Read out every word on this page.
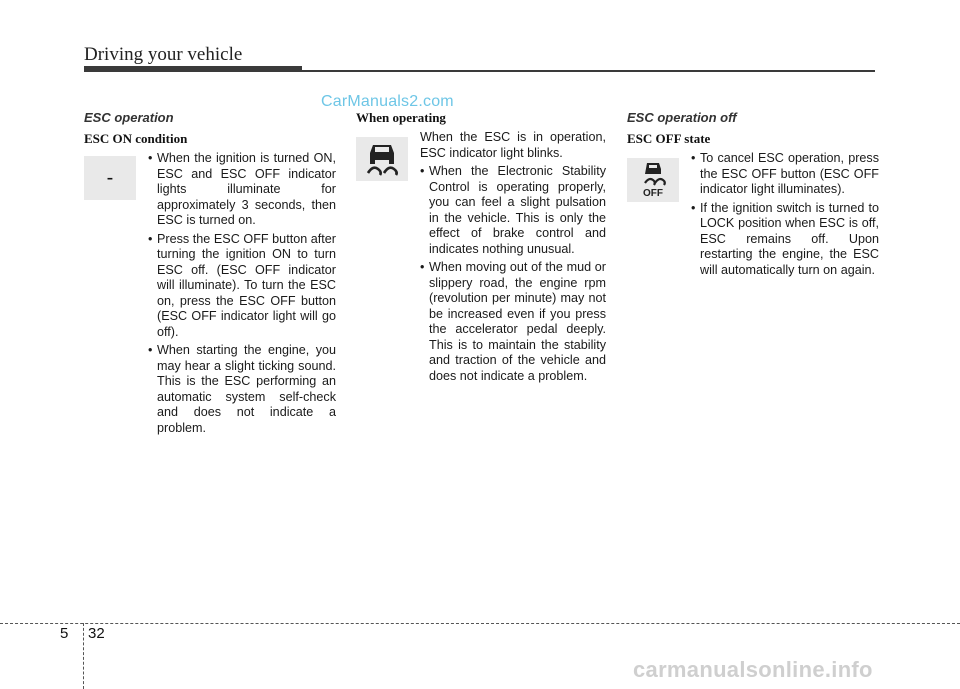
Driving your vehicle
CarManuals2.com
ESC operation
ESC ON condition
-
• When the ignition is turned ON, ESC and ESC OFF indicator lights illuminate for approximately 3 seconds, then ESC is turned on.
• Press the ESC OFF button after turning the ignition ON to turn ESC off. (ESC OFF indicator will illuminate). To turn the ESC on, press the ESC OFF button (ESC OFF indicator light will go off).
• When starting the engine, you may hear a slight ticking sound. This is the ESC performing an automatic system self-check and does not indicate a problem.
When operating
When the ESC is in operation, ESC indicator light blinks.
• When the Electronic Stability Control is operating properly, you can feel a slight pulsation in the vehicle. This is only the effect of brake control and indicates nothing unusual.
• When moving out of the mud or slippery road, the engine rpm (revolution per minute) may not be increased even if you press the accelerator pedal deeply. This is to maintain the stability and traction of the vehicle and does not indicate a problem.
ESC operation off
ESC OFF state
OFF
• To cancel ESC operation, press the ESC OFF button (ESC OFF indicator light illuminates).
• If the ignition switch is turned to LOCK position when ESC is off, ESC remains off. Upon restarting the engine, the ESC will automatically turn on again.
5 32
carmanualsonline.info
